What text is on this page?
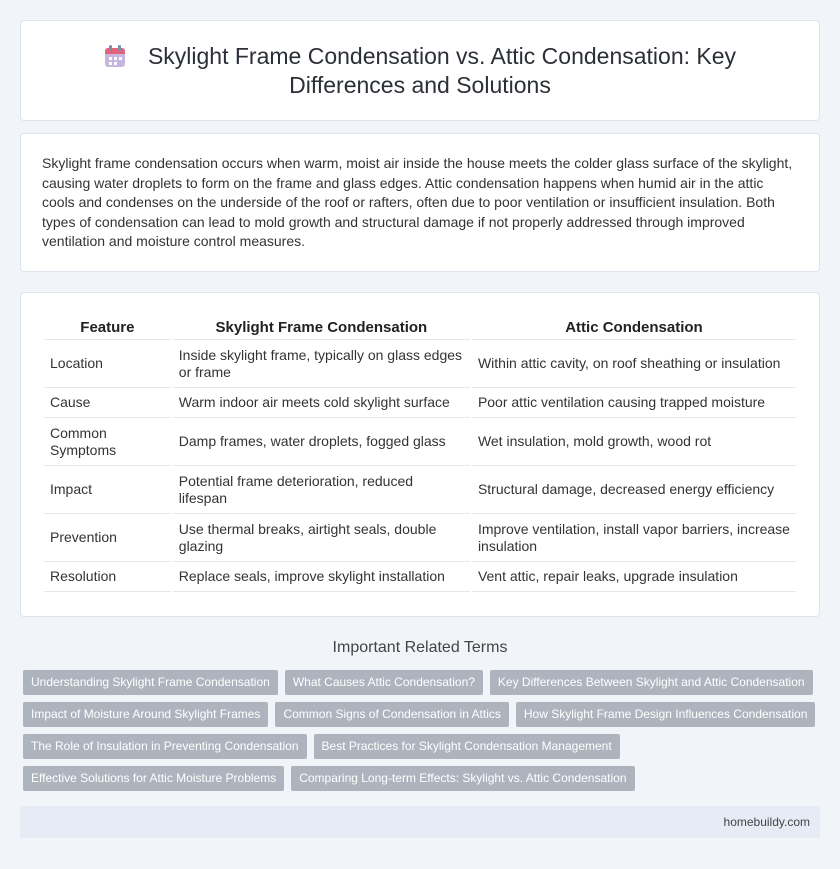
Skylight Frame Condensation vs. Attic Condensation: Key Differences and Solutions

Skylight frame condensation occurs when warm, moist air inside the house meets the colder glass surface of the skylight, causing water droplets to form on the frame and glass edges. Attic condensation happens when humid air in the attic cools and condenses on the underside of the roof or rafters, often due to poor ventilation or insufficient insulation. Both types of condensation can lead to mold growth and structural damage if not properly addressed through improved ventilation and moisture control measures.

Feature	Skylight Frame Condensation	Attic Condensation
Location	Inside skylight frame, typically on glass edges or frame	Within attic cavity, on roof sheathing or insulation
Cause	Warm indoor air meets cold skylight surface	Poor attic ventilation causing trapped moisture
Common Symptoms	Damp frames, water droplets, fogged glass	Wet insulation, mold growth, wood rot
Impact	Potential frame deterioration, reduced lifespan	Structural damage, decreased energy efficiency
Prevention	Use thermal breaks, airtight seals, double glazing	Improve ventilation, install vapor barriers, increase insulation
Resolution	Replace seals, improve skylight installation	Vent attic, repair leaks, upgrade insulation
Important Related Terms
Understanding Skylight Frame Condensation	What Causes Attic Condensation?	Key Differences Between Skylight and Attic Condensation
Impact of Moisture Around Skylight Frames	Common Signs of Condensation in Attics	How Skylight Frame Design Influences Condensation
The Role of Insulation in Preventing Condensation	Best Practices for Skylight Condensation Management
Effective Solutions for Attic Moisture Problems	Comparing Long-term Effects: Skylight vs. Attic Condensation
homebuildy.com
